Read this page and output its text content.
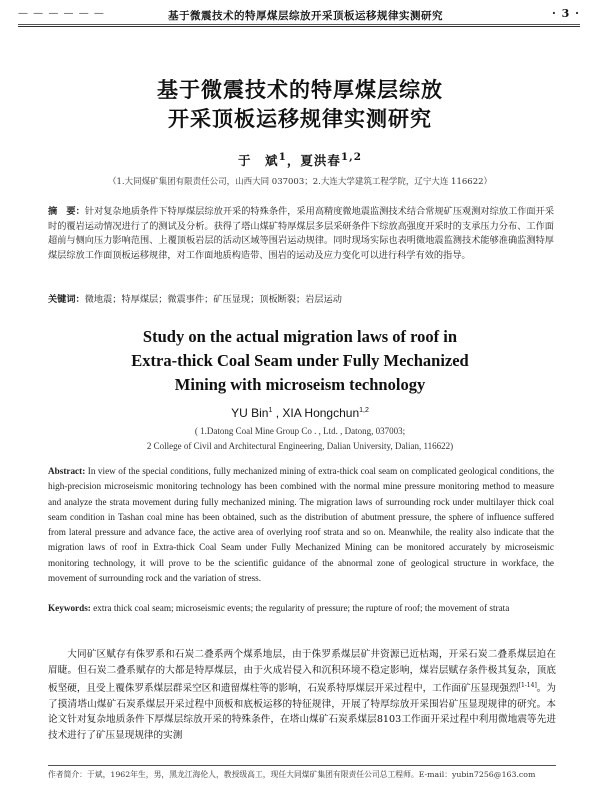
— — — — — —	基于微震技术的特厚煤层综放开采顶板运移规律实测研究	· 3 ·
基于微震技术的特厚煤层综放
开采顶板运移规律实测研究
于　斌$^1$，夏洪春$^{1,2}$
（1.大同煤矿集团有限责任公司，山西大同 037003；2.大连大学建筑工程学院，辽宁大连 116622）
摘　要：针对复杂地质条件下特厚煤层综放开采的特殊条件，采用高精度微地震监测技术结合常规矿压观测对综放工作面开采时的覆岩运动情况进行了的测试及分析。获得了塔山煤矿特厚煤层多层采研条件下综放高强度开采时的支承压力分布、工作面超前与侧向压力影响范围、上覆顶板岩层的活动区域等围岩运动规律。同时现场实际也表明微地震监测技术能够准确监测特厚煤层综放工作面顶板运移规律，对工作面地质构造带、围岩的运动及应力变化可以进行科学有效的指导。
关键词：微地震；特厚煤层；微震事件；矿压显现；顶板断裂；岩层运动
Study on the actual migration laws of roof in
Extra-thick Coal Seam under Fully Mechanized
Mining with microseism technology
YU Bin$^1$ , XIA Hongchun$^{1,2}$
( 1.Datong Coal Mine Group Co . , Ltd. , Datong, 037003;
2 College of Civil and Architectural Engineering, Dalian University, Dalian, 116622)
Abstract: In view of the special conditions, fully mechanized mining of extra-thick coal seam on complicated geological conditions, the high-precision microseismic monitoring technology has been combined with the normal mine pressure monitoring method to measure and analyze the strata movement during fully mechanized mining. The migration laws of surrounding rock under multilayer thick coal seam condition in Tashan coal mine has been obtained, such as the distribution of abutment pressure, the sphere of influence suffered from lateral pressure and advance face, the active area of overlying roof strata and so on. Meanwhile, the reality also indicate that the migration laws of roof in Extra-thick Coal Seam under Fully Mechanized Mining can be monitored accurately by microseismic monitoring technology, it will prove to be the scientific guidance of the abnormal zone of geological structure in workface, the movement of surrounding rock and the variation of stress.
Keywords: extra thick coal seam; microseismic events; the regularity of pressure; the rupture of roof; the movement of strata
大同矿区赋存有侏罗系和石炭二叠系两个煤系地层，由于侏罗系煤层矿井资源已近枯竭，开采石炭二叠系煤层迫在眉睫。但石炭二叠系赋存的大都是特厚煤层，由于火成岩侵入和沉积环境不稳定影响，煤岩层赋存条件极其复杂，顶底板坚硬，且受上覆侏罗系煤层群采空区和遗留煤柱等的影响，石炭系特厚煤层开采过程中，工作面矿压显现强烈[1-14]。为了摸清塔山煤矿石炭系煤层开采过程中顶板和底板运移的特征规律，开展了特厚综放开采围岩矿压显现规律的研究。本论文针对复杂地质条件下厚煤层综放开采的特殊条件，在塔山煤矿石炭系煤层8103工作面开采过程中利用微地震等先进技术进行了矿压显现规律的实测
作者简介：于斌，1962年生，男，黑龙江海伦人，教授级高工，现任大同煤矿集团有限责任公司总工程师。E-mail：yubin7256@163.com
